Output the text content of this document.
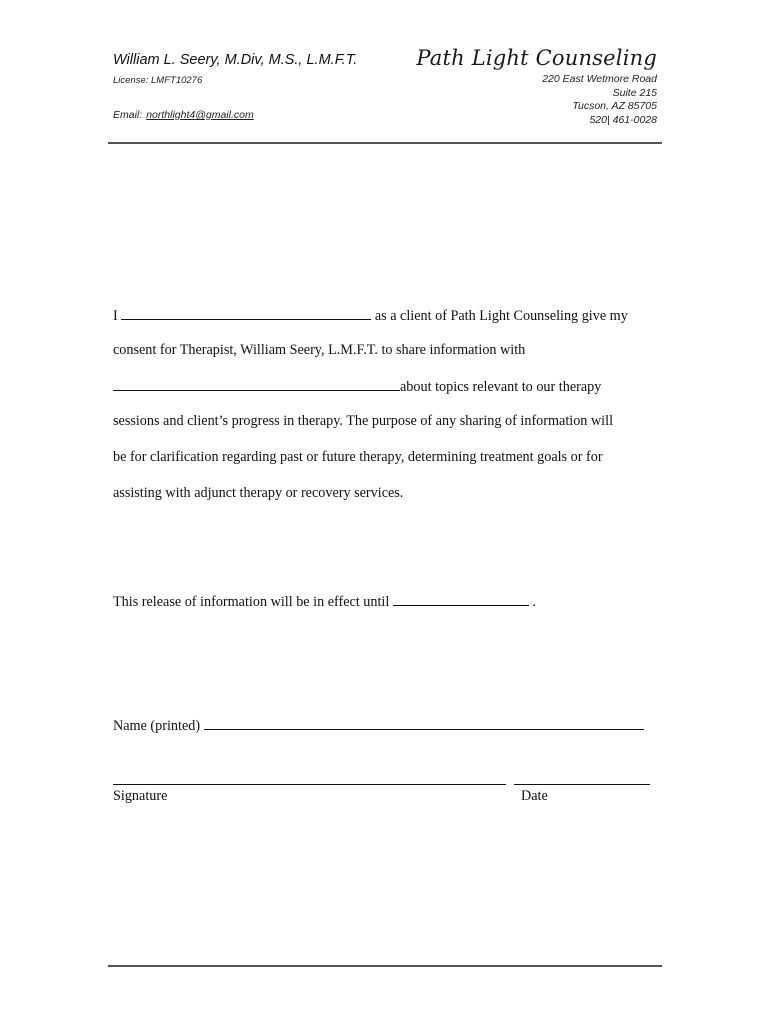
William L. Seery, M.Div, M.S., L.M.F.T.
License: LMFT10276
Email: northlight4@gmail.com
Path Light Counseling
220 East Wetmore Road
Suite 215
Tucson, AZ 85705
520| 461-0028
I	as a client of Path Light Counseling give my
consent for Therapist, William Seery, L.M.F.T. to share information with
about topics relevant to our therapy
sessions and client’s progress in therapy. The purpose of any sharing of information will
be for clarification regarding past or future therapy, determining treatment goals or for
assisting with adjunct therapy or recovery services.
This release of information will be in effect until	.
Name (printed)

Signature	Date
